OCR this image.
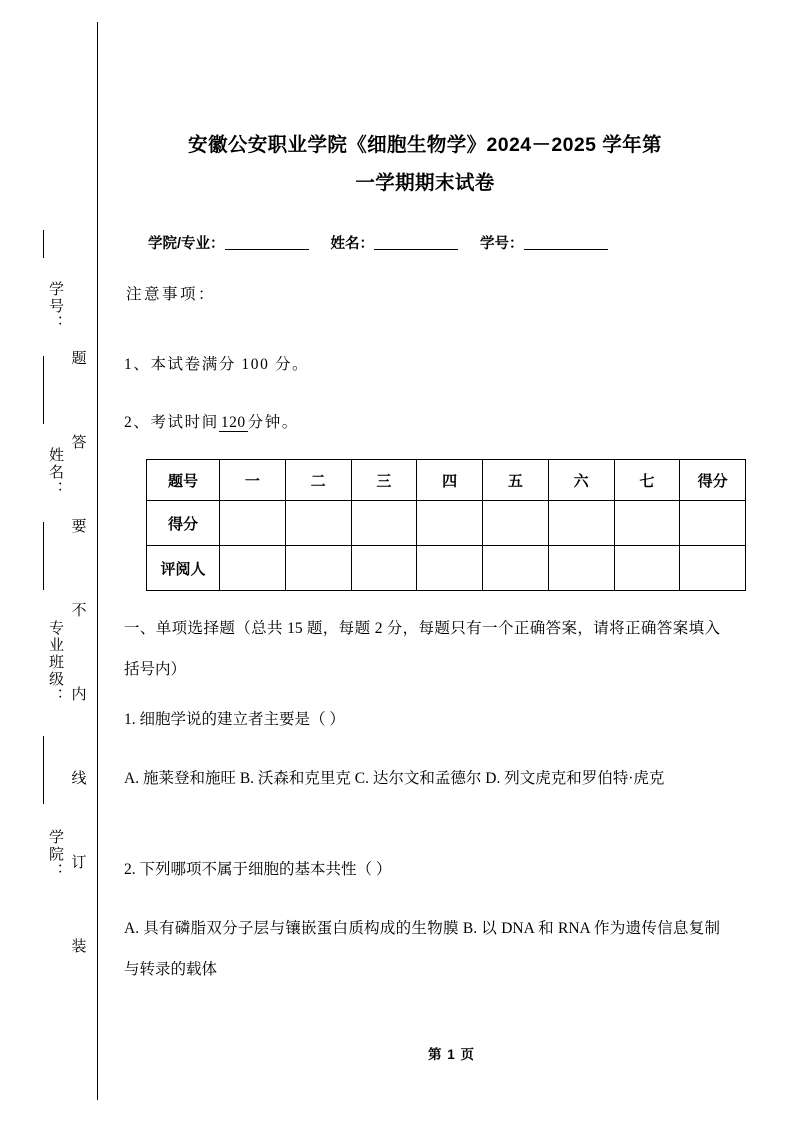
学号：
姓名：
专业班级：
学院：
题
答
要
不
内
线
订
装
安徽公安职业学院《细胞生物学》2024－2025 学年第
一学期期末试卷
学院/专业：	姓名：	学号：
注意事项：
1、本试卷满分 100 分。
2、考试时间 120 分钟。
题号	一	二	三	四	五	六	七	得分
得分								
评阅人								
一、单项选择题（总共 15 题，每题 2 分，每题只有一个正确答案，请将正确答案填入括号内）
1. 细胞学说的建立者主要是（ ）
A. 施莱登和施旺 B. 沃森和克里克 C. 达尔文和孟德尔 D. 列文虎克和罗伯特·虎克
2. 下列哪项不属于细胞的基本共性（ ）
A. 具有磷脂双分子层与镶嵌蛋白质构成的生物膜 B. 以 DNA 和 RNA 作为遗传信息复制与转录的载体
第 1 页
